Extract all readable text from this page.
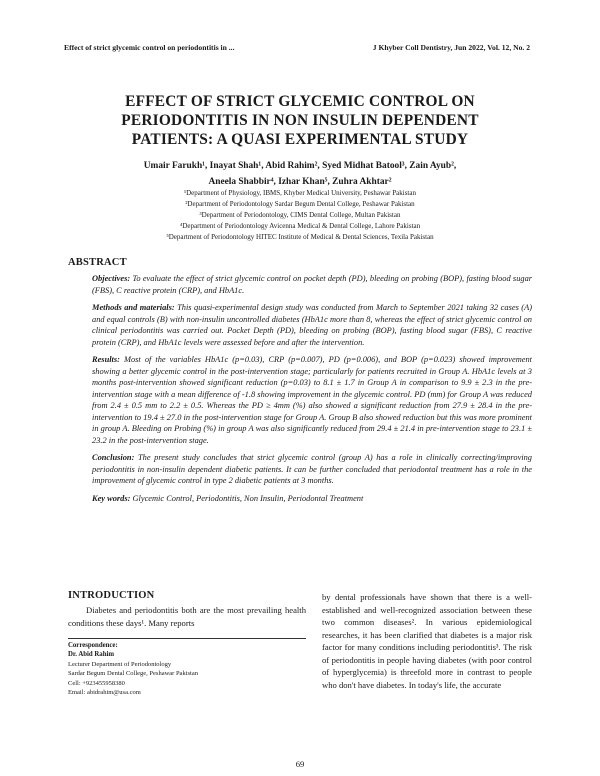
Effect of strict glycemic control on periodontitis in ...	J Khyber Coll Dentistry, Jun 2022, Vol. 12, No. 2
EFFECT OF STRICT GLYCEMIC CONTROL ON
PERIODONTITIS IN NON INSULIN DEPENDENT
PATIENTS: A QUASI EXPERIMENTAL STUDY
Umair Farukh¹, Inayat Shah¹, Abid Rahim², Syed Midhat Batool³, Zain Ayub²,
Aneela Shabbir⁴, Izhar Khan⁵, Zuhra Akhtar²
¹Department of Physiology, IBMS, Khyber Medical University, Peshawar Pakistan
²Department of Periodontology Sardar Begum Dental College, Peshawar Pakistan
³Department of Periodontology, CIMS Dental College, Multan Pakistan
⁴Department of Periodontology Avicenna Medical & Dental College, Lahore Pakistan
⁵Department of Periodontology HITEC Institute of Medical & Dental Sciences, Texila Pakistan
ABSTRACT

Objectives: To evaluate the effect of strict glycemic control on pocket depth (PD), bleeding on probing (BOP), fasting blood sugar (FBS), C reactive protein (CRP), and HbA1c.

Methods and materials: This quasi-experimental design study was conducted from March to September 2021 taking 32 cases (A) and equal controls (B) with non-insulin uncontrolled diabetes (HbA1c more than 8, whereas the effect of strict glycemic control on clinical periodontitis was carried out. Pocket Depth (PD), bleeding on probing (BOP), fasting blood sugar (FBS), C reactive protein (CRP), and HbA1c levels were assessed before and after the intervention.

Results: Most of the variables HbA1c (p=0.03), CRP (p=0.007), PD (p=0.006), and BOP (p=0.023) showed improvement showing a better glycemic control in the post-intervention stage; particularly for patients recruited in Group A. HbA1c levels at 3 months post-intervention showed significant reduction (p=0.03) to 8.1 ± 1.7 in Group A in comparison to 9.9 ± 2.3 in the pre-intervention stage with a mean difference of -1.8 showing improvement in the glycemic control. PD (mm) for Group A was reduced from 2.4 ± 0.5 mm to 2.2 ± 0.5. Whereas the PD ≥ 4mm (%) also showed a significant reduction from 27.9 ± 28.4 in the pre-intervention to 19.4 ± 27.0 in the post-intervention stage for Group A. Group B also showed reduction but this was more prominent in group A. Bleeding on Probing (%) in group A was also significantly reduced from 29.4 ± 21.4 in pre-intervention stage to 23.1 ± 23.2 in the post-intervention stage.

Conclusion: The present study concludes that strict glycemic control (group A) has a role in clinically correcting/improving periodontitis in non-insulin dependent diabetic patients. It can be further concluded that periodontal treatment has a role in the improvement of glycemic control in type 2 diabetic patients at 3 months.

Key words: Glycemic Control, Periodontitis, Non Insulin, Periodontal Treatment

INTRODUCTION
Diabetes and periodontitis both are the most prevailing health conditions these days¹. Many reports
by dental professionals have shown that there is a well-established and well-recognized association between these two common diseases². In various epidemiological researches, it has been clarified that diabetes is a major risk factor for many conditions including periodontitis³. The risk of periodontitis in people having diabetes (with poor control of hyperglycemia) is threefold more in contrast to people who don't have diabetes. In today's life, the accurate
Correspondence:
Dr. Abid Rahim
Lecturer Department of Periodontology
Sardar Begum Dental College, Peshawar Pakistan
Cell: +923455958380
Email: abidrahim@usa.com
69
